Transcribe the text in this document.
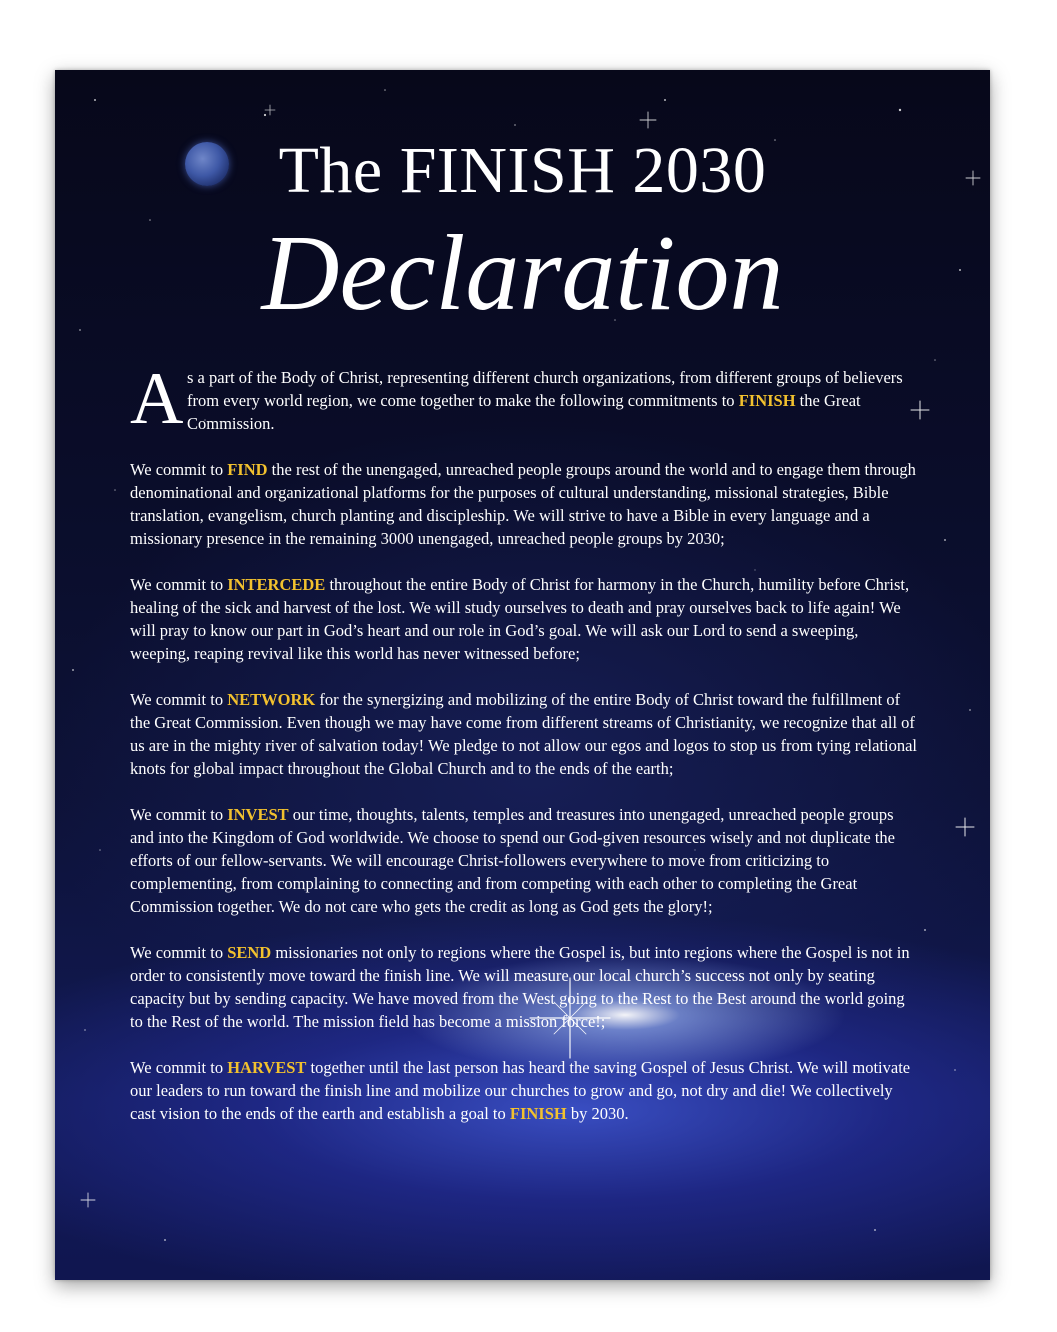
The FINISH 2030
Declaration

A s a part of the Body of Christ, representing different church organizations, from different groups of believers from every world region, we come together to make the following commitments to FINISH the Great Commission.

We commit to FIND the rest of the unengaged, unreached people groups around the world and to engage them through denominational and organizational platforms for the purposes of cultural understanding, missional strategies, Bible translation, evangelism, church planting and discipleship. We will strive to have a Bible in every language and a missionary presence in the remaining 3000 unengaged, unreached people groups by 2030;

We commit to INTERCEDE throughout the entire Body of Christ for harmony in the Church, humility before Christ, healing of the sick and harvest of the lost. We will study ourselves to death and pray ourselves back to life again! We will pray to know our part in God’s heart and our role in God’s goal. We will ask our Lord to send a sweeping, weeping, reaping revival like this world has never witnessed before;

We commit to NETWORK for the synergizing and mobilizing of the entire Body of Christ toward the fulfillment of the Great Commission. Even though we may have come from different streams of Christianity, we recognize that all of us are in the mighty river of salvation today! We pledge to not allow our egos and logos to stop us from tying relational knots for global impact throughout the Global Church and to the ends of the earth;

We commit to INVEST our time, thoughts, talents, temples and treasures into unengaged, unreached people groups and into the Kingdom of God worldwide. We choose to spend our God-given resources wisely and not duplicate the efforts of our fellow-servants. We will encourage Christ-followers everywhere to move from criticizing to complementing, from complaining to connecting and from competing with each other to completing the Great Commission together. We do not care who gets the credit as long as God gets the glory!;

We commit to SEND missionaries not only to regions where the Gospel is, but into regions where the Gospel is not in order to consistently move toward the finish line. We will measure our local church’s success not only by seating capacity but by sending capacity. We have moved from the West going to the Rest to the Best around the world going to the Rest of the world. The mission field has become a mission force!;

We commit to HARVEST together until the last person has heard the saving Gospel of Jesus Christ. We will motivate our leaders to run toward the finish line and mobilize our churches to grow and go, not dry and die! We collectively cast vision to the ends of the earth and establish a goal to FINISH by 2030.
